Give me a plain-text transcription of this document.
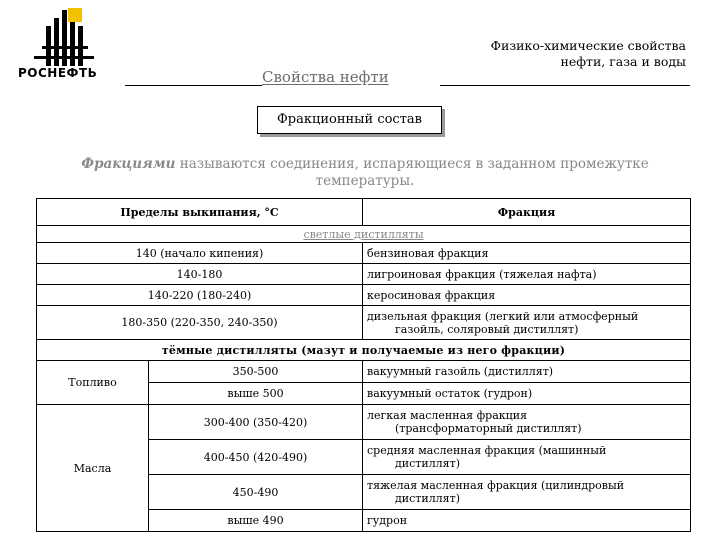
РОСНЕФТЬ	Свойства нефти
Физико-химические свойства
нефти, газа и воды
Фракционный состав
Фракциями называются соединения, испаряющиеся в заданном промежутке температуры.
Пределы выкипания, °С		Фракция
светлые дистилляты		
140 (начало кипения)		бензиновая фракция
140-180		лигроиновая фракция (тяжелая нафта)
140-220 (180-240)		керосиновая фракция
180-350 (220-350, 240-350)		дизельная фракция (легкий или атмосферный

газойль, соляровый дистиллят)

тёмные дистилляты (мазут и получаемые из него фракции)		
Топливо	350-500	вакуумный газойль (дистиллят)
	выше 500	вакуумный остаток (гудрон)
Масла	300-400 (350-420)	легкая масленная фракция

(трансформаторный дистиллят)

	400-450 (420-490)	средняя масленная фракция (машинный

дистиллят)

	450-490	тяжелая масленная фракция (цилиндровый

дистиллят)

	выше 490	гудрон
